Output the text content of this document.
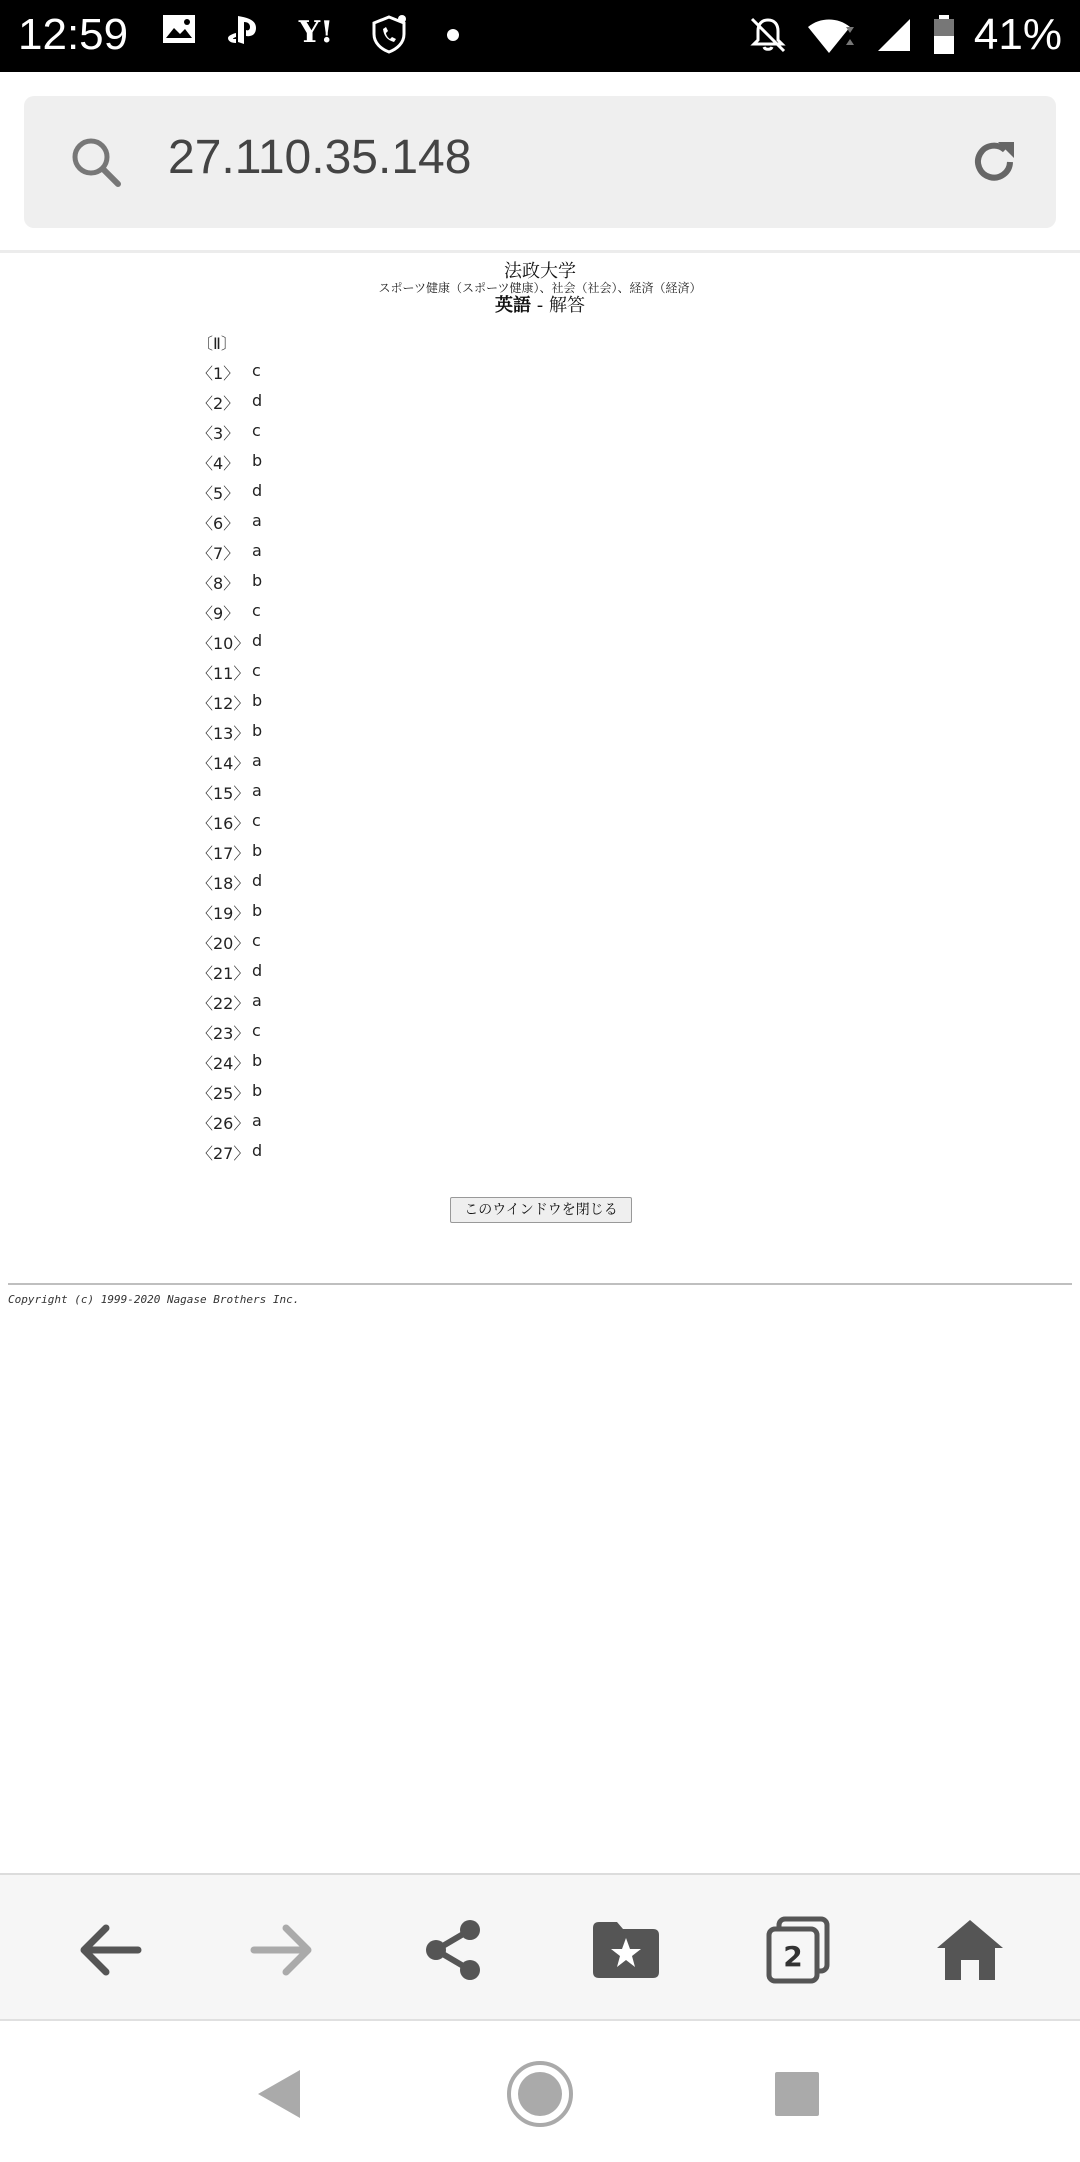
12:59	Y!	41%
27.110.35.148
法政大学
スポーツ健康（スポーツ健康）、社会（社会）、経済（経済）
英語 - 解答
〔Ⅱ〕
〈1〉 c
〈2〉 d
〈3〉 c
〈4〉 b
〈5〉 d
〈6〉 a
〈7〉 a
〈8〉 b
〈9〉 c
〈10〉 d
〈11〉 c
〈12〉 b
〈13〉 b
〈14〉 a
〈15〉 a
〈16〉 c
〈17〉 b
〈18〉 d
〈19〉 b
〈20〉 c
〈21〉 d
〈22〉 a
〈23〉 c
〈24〉 b
〈25〉 b
〈26〉 a
〈27〉 d
このウインドウを閉じる
Copyright (c) 1999-2020 Nagase Brothers Inc.
2
